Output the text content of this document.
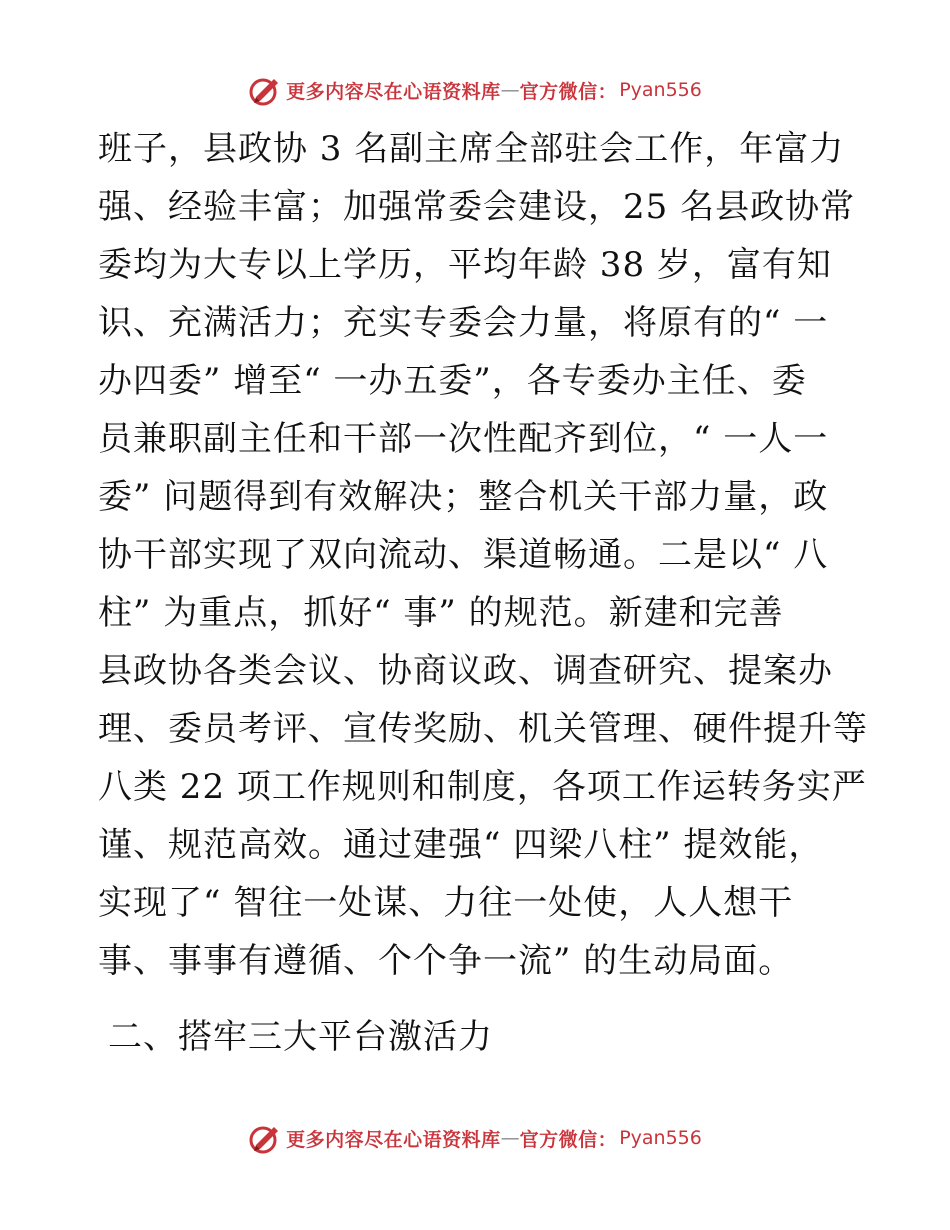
更多内容尽在心语资料库 — 官方微信： Pyan556
班子，县政协 3 名副主席全部驻会工作，年富力
强、经验丰富；加强常委会建设，25 名县政协常
委均为大专以上学历，平均年龄 38 岁，富有知
识、充满活力；充实专委会力量，将原有的“ 一
办四委” 增至“ 一办五委”，各专委办主任、委
员兼职副主任和干部一次性配齐到位，“ 一人一
委” 问题得到有效解决；整合机关干部力量，政
协干部实现了双向流动、渠道畅通。二是以“ 八
柱” 为重点，抓好“ 事” 的规范。新建和完善
县政协各类会议、协商议政、调查研究、提案办
理、委员考评、宣传奖励、机关管理、硬件提升等
八类 22 项工作规则和制度，各项工作运转务实严
谨、规范高效。通过建强“ 四梁八柱” 提效能，
实现了“ 智往一处谋、力往一处使，人人想干
事、事事有遵循、个个争一流” 的生动局面。
二、搭牢三大平台激活力
更多内容尽在心语资料库 — 官方微信： Pyan556
